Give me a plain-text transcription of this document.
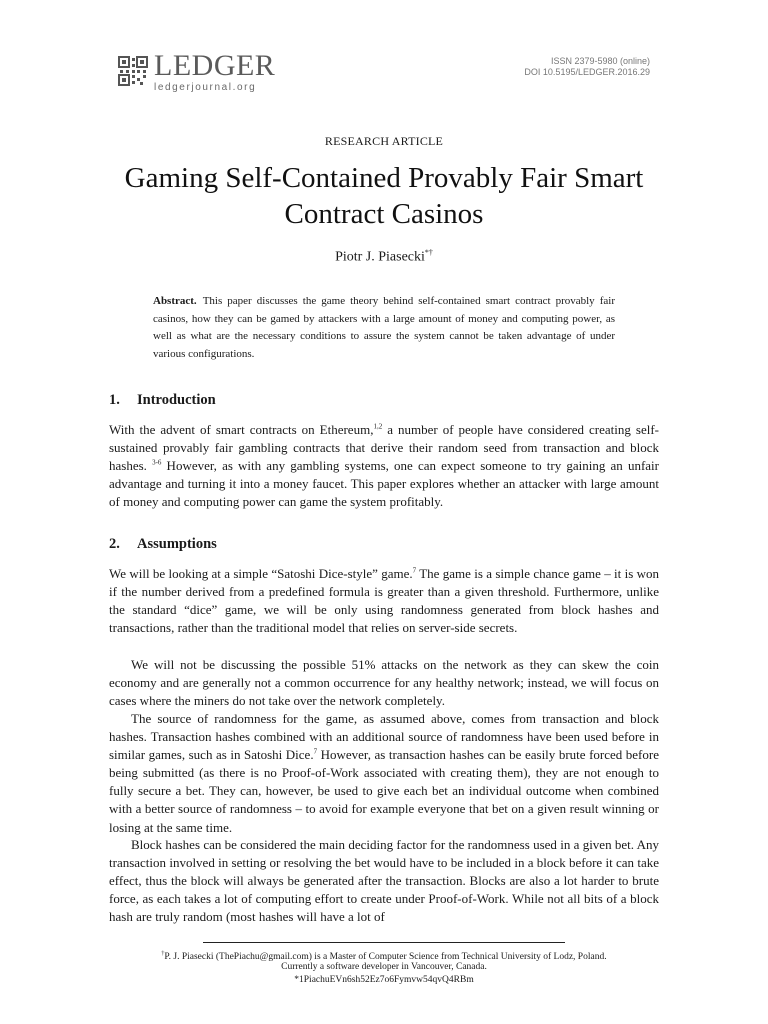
LEDGER
ledgerjournal.org
ISSN 2379-5980 (online)
DOI 10.5195/LEDGER.2016.29
RESEARCH ARTICLE
Gaming Self-Contained Provably Fair Smart Contract Casinos
Piotr J. Piasecki*†

Abstract. This paper discusses the game theory behind self-contained smart contract provably fair casinos, how they can be gamed by attackers with a large amount of money and computing power, as well as what are the necessary conditions to assure the system cannot be taken advantage of under various configurations.

1. Introduction

With the advent of smart contracts on Ethereum,$^{1,2}$ a number of people have considered creating self-sustained provably fair gambling contracts that derive their random seed from transaction and block hashes. $^{3-6}$ However, as with any gambling systems, one can expect someone to try gaining an unfair advantage and turning it into a money faucet. This paper explores whether an attacker with large amount of money and computing power can game the system profitably.

2. Assumptions

We will be looking at a simple “Satoshi Dice-style” game.$^7$ The game is a simple chance game – it is won if the number derived from a predefined formula is greater than a given threshold. Furthermore, unlike the standard “dice” game, we will be only using randomness generated from block hashes and transactions, rather than the traditional model that relies on server-side secrets.

We will not be discussing the possible 51% attacks on the network as they can skew the coin economy and are generally not a common occurrence for any healthy network; instead, we will focus on cases where the miners do not take over the network completely.

The source of randomness for the game, as assumed above, comes from transaction and block hashes. Transaction hashes combined with an additional source of randomness have been used before in similar games, such as in Satoshi Dice.$^7$ However, as transaction hashes can be easily brute forced before being submitted (as there is no Proof-of-Work associated with creating them), they are not enough to fully secure a bet. They can, however, be used to give each bet an individual outcome when combined with a better source of randomness – to avoid for example everyone that bet on a given result winning or losing at the same time.

Block hashes can be considered the main deciding factor for the randomness used in a given bet. Any transaction involved in setting or resolving the bet would have to be included in a block before it can take effect, thus the block will always be generated after the transaction. Blocks are also a lot harder to brute force, as each takes a lot of computing effort to create under Proof-of-Work. While not all bits of a block hash are truly random (most hashes will have a lot of

†P. J. Piasecki (ThePiachu@gmail.com) is a Master of Computer Science from Technical University of Lodz, Poland.

Currently a software developer in Vancouver, Canada.

*1PiachuEVn6sh52Ez7o6Fymvw54qvQ4RBm
